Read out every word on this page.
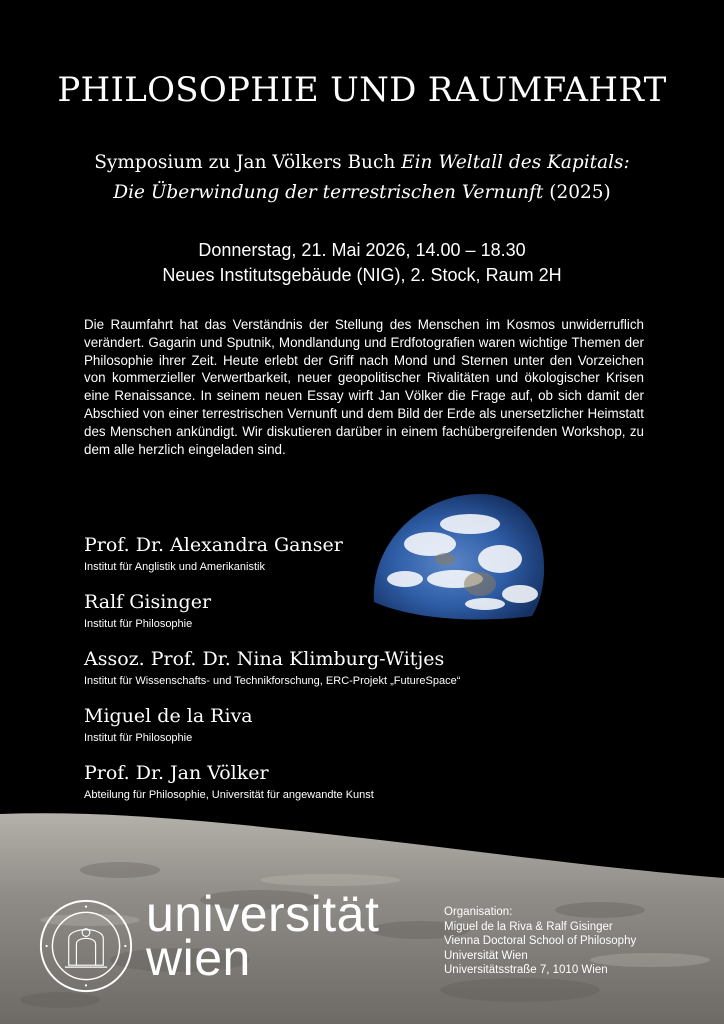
PHILOSOPHIE UND RAUMFAHRT
Symposium zu Jan Völkers Buch Ein Weltall des Kapitals:
Die Überwindung der terrestrischen Vernunft (2025)
Donnerstag, 21. Mai 2026, 14.00 – 18.30
Neues Institutsgebäude (NIG), 2. Stock, Raum 2H
Die Raumfahrt hat das Verständnis der Stellung des Menschen im Kosmos unwiderruflich verändert. Gagarin und Sputnik, Mondlandung und Erdfotografien waren wichtige Themen der Philosophie ihrer Zeit. Heute erlebt der Griff nach Mond und Sternen unter den Vorzeichen von kommerzieller Verwertbarkeit, neuer geopolitischer Rivalitäten und ökologischer Krisen eine Renaissance. In seinem neuen Essay wirft Jan Völker die Frage auf, ob sich damit der Abschied von einer terrestrischen Vernunft und dem Bild der Erde als unersetzlicher Heimstatt des Menschen ankündigt. Wir diskutieren darüber in einem fachübergreifenden Workshop, zu dem alle herzlich eingeladen sind.
Prof. Dr. Alexandra Ganser
Institut für Anglistik und Amerikanistik
Ralf Gisinger
Institut für Philosophie
Assoz. Prof. Dr. Nina Klimburg-Witjes
Institut für Wissenschafts- und Technikforschung, ERC-Projekt „FutureSpace“
Miguel de la Riva
Institut für Philosophie
Prof. Dr. Jan Völker
Abteilung für Philosophie, Universität für angewandte Kunst
universität
wien
Organisation:
Miguel de la Riva & Ralf Gisinger
Vienna Doctoral School of Philosophy
Universität Wien
Universitätsstraße 7, 1010 Wien
